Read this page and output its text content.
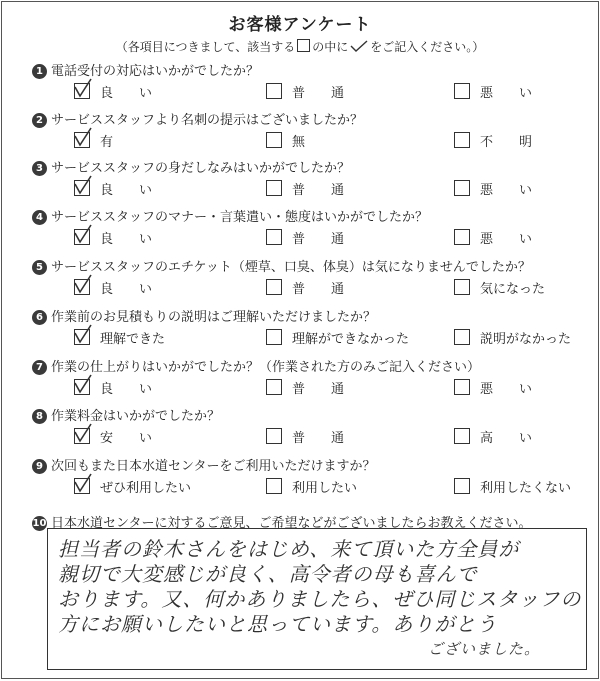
お客様アンケート
（各項目につきまして、該当する の中に をご記入ください。）
1 電話受付の対応はいかがでしたか？
良　　い	普　　通	悪　　い
2 サービススタッフより名刺の提示はございましたか？
有	無	不　　明
3 サービススタッフの身だしなみはいかがでしたか？
良　　い	普　　通	悪　　い
4 サービススタッフのマナー・言葉遣い・態度はいかがでしたか？
良　　い	普　　通	悪　　い
5 サービススタッフのエチケット（煙草、口臭、体臭）は気になりませんでしたか？
良　　い	普　　通	気になった
6 作業前のお見積もりの説明はご理解いただけましたか？
理解できた	理解ができなかった	説明がなかった
7 作業の仕上がりはいかがでしたか？（作業された方のみご記入ください）
良　　い	普　　通	悪　　い
8 作業料金はいかがでしたか？
安　　い	普　　通	高　　い
9 次回もまた日本水道センターをご利用いただけますか？
ぜひ利用したい	利用したい	利用したくない
10 日本水道センターに対するご意見、ご希望などがございましたらお教えください。
担当者の鈴木さんをはじめ、来て頂いた方全員が
親切で大変感じが良く、高令者の母も喜んで
おります。又、何かありましたら、ぜひ同じスタッフの
方にお願いしたいと思っています。ありがとう
ございました。
